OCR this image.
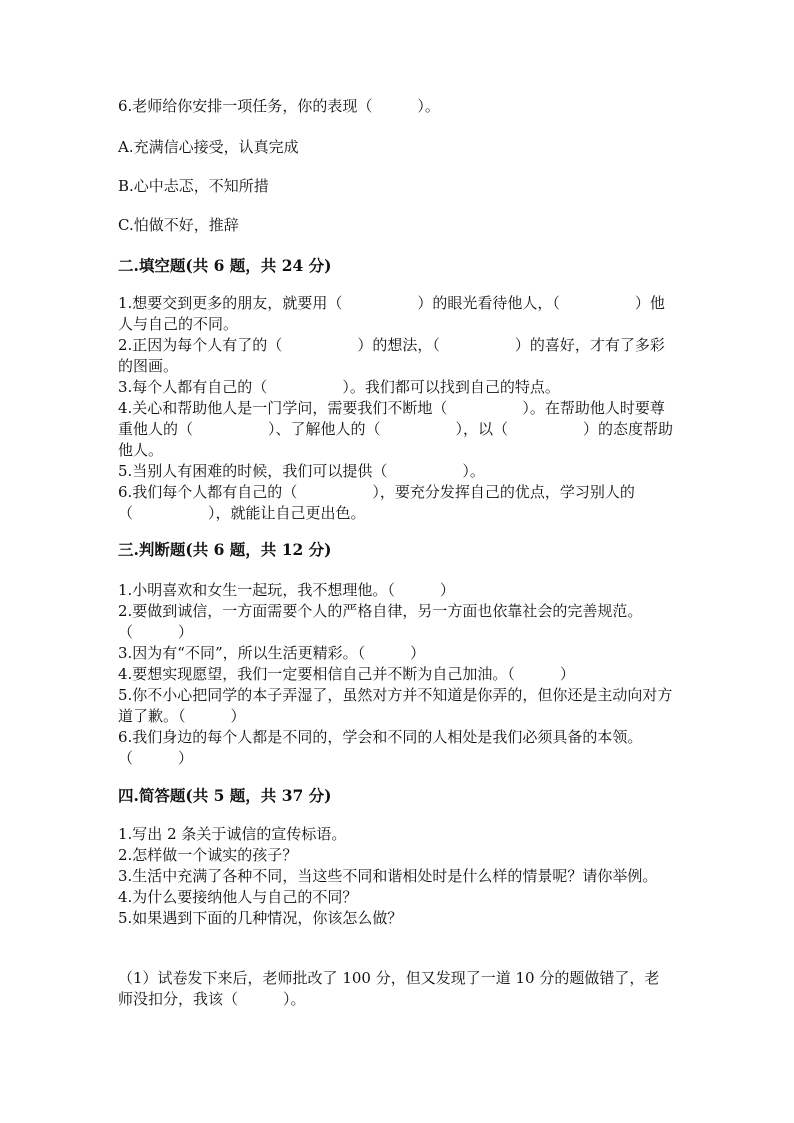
6.老师给你安排一项任务，你的表现（　　　）。
A.充满信心接受，认真完成
B.心中忐忑，不知所措
C.怕做不好，推辞
二.填空题(共 6 题，共 24 分)
1.想要交到更多的朋友，就要用（　　　　　）的眼光看待他人，（　　　　　）他人与自己的不同。
2.正因为每个人有了的（　　　　　）的想法，（　　　　　）的喜好，才有了多彩的图画。
3.每个人都有自己的（　　　　　）。我们都可以找到自己的特点。
4.关心和帮助他人是一门学问，需要我们不断地（　　　　　）。在帮助他人时要尊重他人的（　　　　　）、了解他人的（　　　　　），以（　　　　　）的态度帮助他人。
5.当别人有困难的时候，我们可以提供（　　　　　）。
6.我们每个人都有自己的（　　　　　），要充分发挥自己的优点，学习别人的（　　　　　），就能让自己更出色。
三.判断题(共 6 题，共 12 分)
1.小明喜欢和女生一起玩，我不想理他。（　　　）
2.要做到诚信，一方面需要个人的严格自律，另一方面也依靠社会的完善规范。（　　　）
3.因为有“不同”，所以生活更精彩。（　　　）
4.要想实现愿望，我们一定要相信自己并不断为自己加油。（　　　）
5.你不小心把同学的本子弄湿了，虽然对方并不知道是你弄的，但你还是主动向对方道了歉。（　　　）
6.我们身边的每个人都是不同的，学会和不同的人相处是我们必须具备的本领。（　　　）
四.简答题(共 5 题，共 37 分)
1.写出 2 条关于诚信的宣传标语。
2.怎样做一个诚实的孩子？
3.生活中充满了各种不同，当这些不同和谐相处时是什么样的情景呢？请你举例。
4.为什么要接纳他人与自己的不同？
5.如果遇到下面的几种情况，你该怎么做？
（1）试卷发下来后，老师批改了 100 分，但又发现了一道 10 分的题做错了，老师没扣分，我该（　　　）。
